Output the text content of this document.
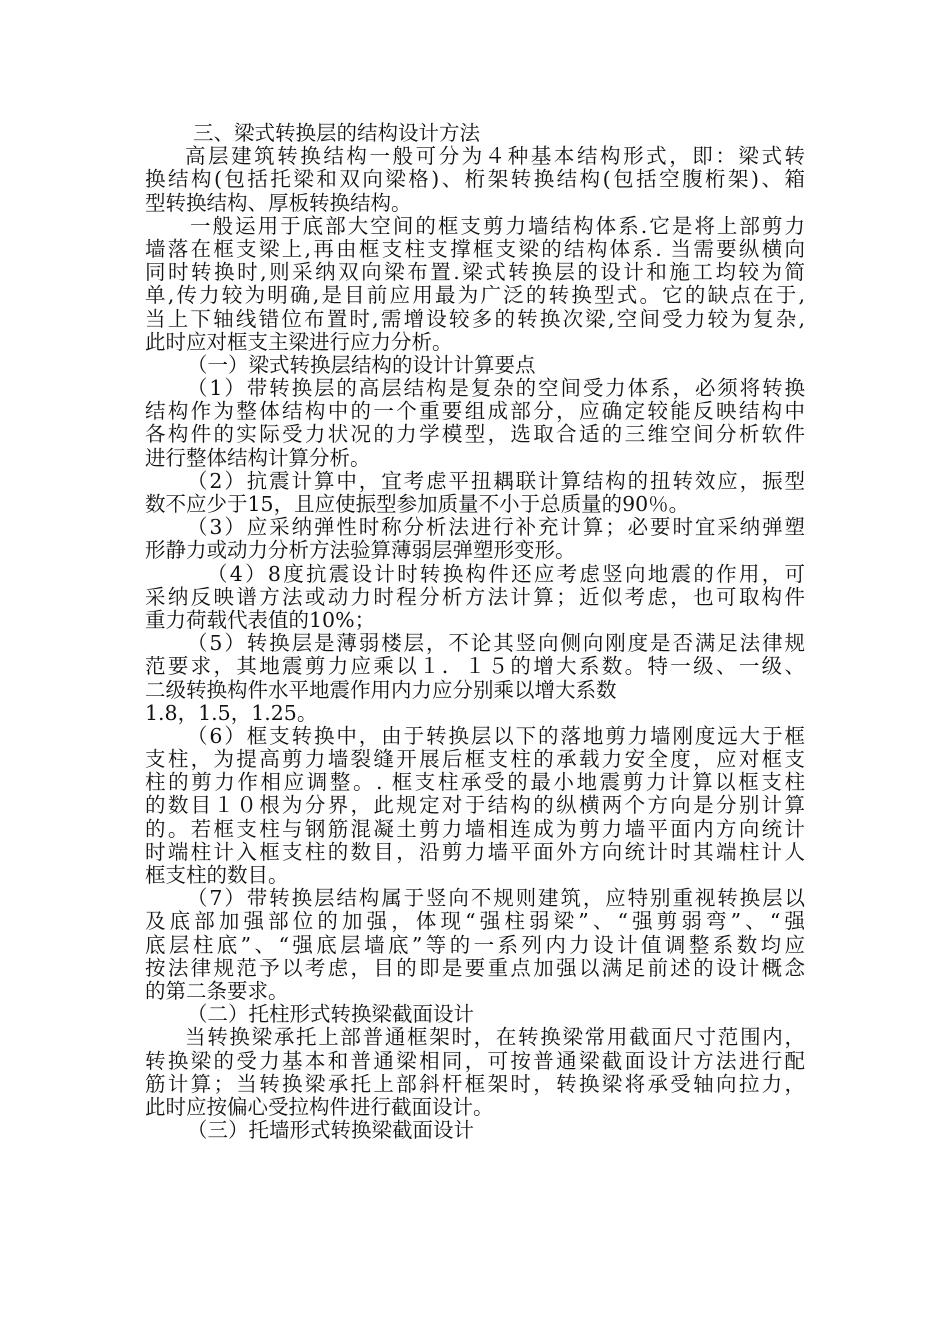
三、梁式转换层的结构设计方法
高层建筑转换结构一般可分为４种基本结构形式，即：梁式转
换结构(包括托梁和双向梁格)、桁架转换结构(包括空腹桁架)、箱
型转换结构、厚板转换结构。
一般运用于底部大空间的框支剪力墙结构体系.它是将上部剪力
墙落在框支梁上,再由框支柱支撑框支梁的结构体系. 当需要纵横向
同时转换时,则采纳双向梁布置.梁式转换层的设计和施工均较为简
单,传力较为明确,是目前应用最为广泛的转换型式。它的缺点在于,
当上下轴线错位布置时,需增设较多的转换次梁,空间受力较为复杂,
此时应对框支主梁进行应力分析。
（一）梁式转换层结构的设计计算要点
（1）带转换层的高层结构是复杂的空间受力体系，必须将转换
结构作为整体结构中的一个重要组成部分，应确定较能反映结构中
各构件的实际受力状况的力学模型，选取合适的三维空间分析软件
进行整体结构计算分析。
（2）抗震计算中，宜考虑平扭耦联计算结构的扭转效应，振型
数不应少于15，且应使振型参加质量不小于总质量的90％。
（3）应采纳弹性时称分析法进行补充计算；必要时宜采纳弹塑
形静力或动力分析方法验算薄弱层弹塑形变形。
（4）8度抗震设计时转换构件还应考虑竖向地震的作用，可
采纳反映谱方法或动力时程分析方法计算；近似考虑，也可取构件
重力荷载代表值的10%；
（5）转换层是薄弱楼层，不论其竖向侧向刚度是否满足法律规
范要求，其地震剪力应乘以１．１５的增大系数。特一级、一级、
二级转换构件水平地震作用内力应分别乘以增大系数
1.8，1.5，1.25。
（6）框支转换中，由于转换层以下的落地剪力墙刚度远大于框
支柱，为提高剪力墙裂缝开展后框支柱的承载力安全度，应对框支
柱的剪力作相应调整。. 框支柱承受的最小地震剪力计算以框支柱
的数目１０根为分界，此规定对于结构的纵横两个方向是分别计算
的。若框支柱与钢筋混凝土剪力墙相连成为剪力墙平面内方向统计
时端柱计入框支柱的数目，沿剪力墙平面外方向统计时其端柱计人
框支柱的数目。
（7）带转换层结构属于竖向不规则建筑，应特别重视转换层以
及底部加强部位的加强，体现“强柱弱梁”、“强剪弱弯”、“强
底层柱底”、“强底层墙底”等的一系列内力设计值调整系数均应
按法律规范予以考虑，目的即是要重点加强以满足前述的设计概念
的第二条要求。
（二）托柱形式转换梁截面设计
当转换梁承托上部普通框架时，在转换梁常用截面尺寸范围内，
转换梁的受力基本和普通梁相同，可按普通梁截面设计方法进行配
筋计算；当转换梁承托上部斜杆框架时，转换梁将承受轴向拉力，
此时应按偏心受拉构件进行截面设计。
（三）托墙形式转换梁截面设计
